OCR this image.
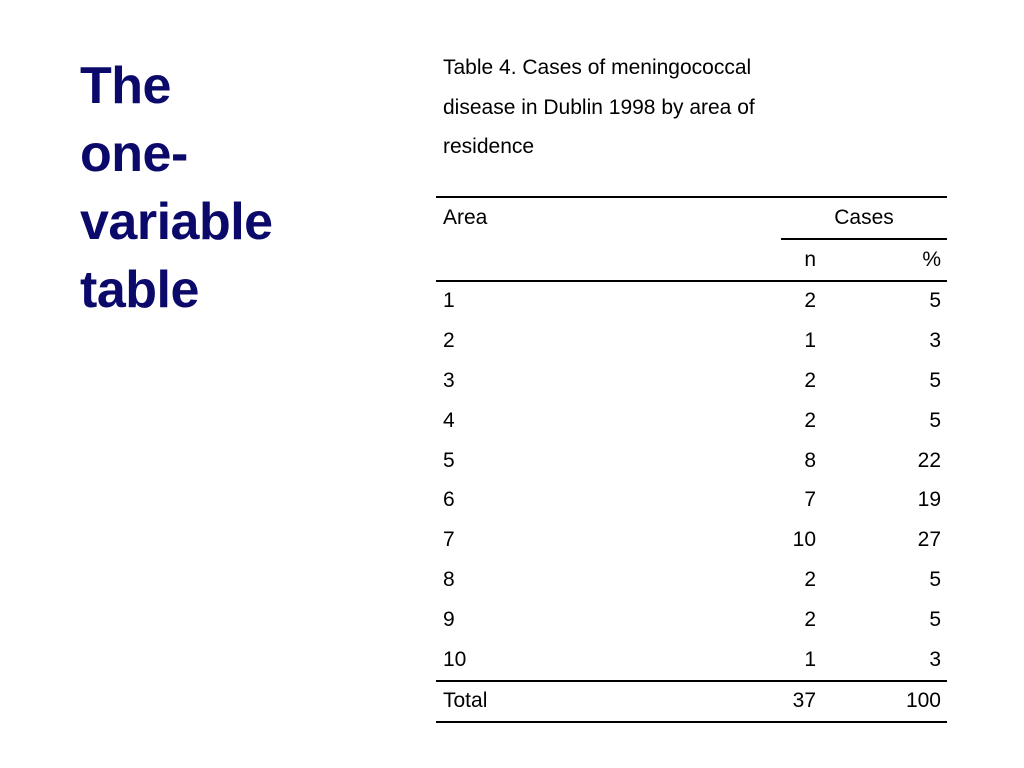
The
one-
variable
table
Table 4. Cases of meningococcal
disease in Dublin 1998 by area of
residence
Area	Cases	
	n	%
1	2	5
2	1	3
3	2	5
4	2	5
5	8	22
6	7	19
7	10	27
8	2	5
9	2	5
10	1	3
Total	37	100
